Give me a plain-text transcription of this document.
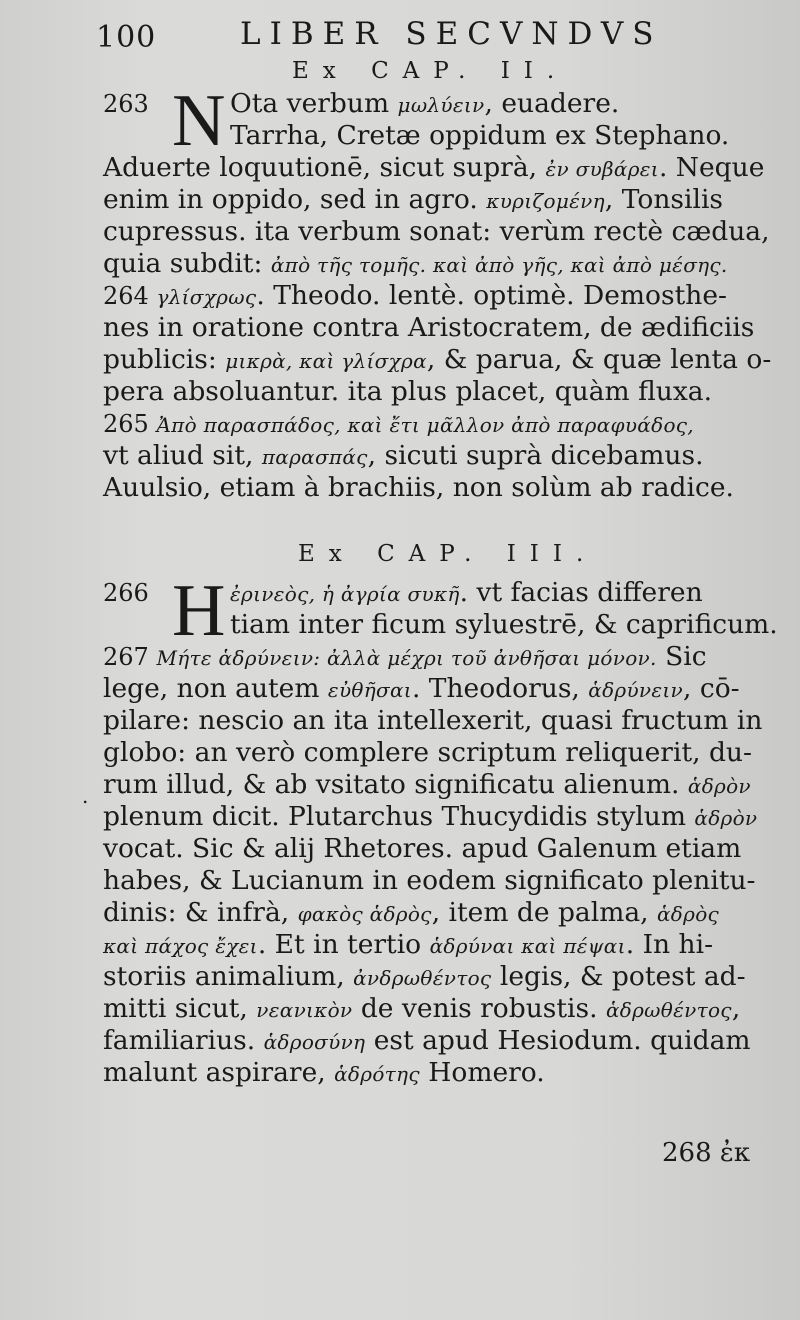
100	LIBER SECVNDVS
Ex CAP. II.
N
Ex CAP. III.
H
263	Ota verbum μωλύειν, euadere.
Tarrha, Cretæ oppidum ex Stephano.
Aduerte loquutionē, sicut suprà, ἐν συβάρει. Neque
enim in oppido, sed in agro. κυριζομένη, Tonsilis
cupressus. ita verbum sonat: verùm rectè cædua,
quia subdit: ἀπὸ τῆς τομῆς. καὶ ἀπὸ γῆς, καὶ ἀπὸ μέσης.
264 γλίσχρως. Theodo. lentè. optimè. Demosthe-
nes in oratione contra Aristocratem, de ædificiis
publicis: μικρὰ, καὶ γλίσχρα, & parua, & quæ lenta o-
pera absoluantur. ita plus placet, quàm fluxa.
265 Ἀπὸ παρασπάδος, καὶ ἔτι μᾶλλον ἀπὸ παραφυάδος,
vt aliud sit, παρασπάς, sicuti suprà dicebamus.
Auulsio, etiam à brachiis, non solùm ab radice.
266	ἐρινεὸς, ἡ ἀγρία συκῆ. vt facias differen
tiam inter ficum syluestrē, & caprificum.
267 Μήτε ἁδρύνειν: ἀλλὰ μέχρι τοῦ ἀνθῆσαι μόνον. Sic
lege, non autem εὐθῆσαι. Theodorus, ἁδρύνειν, cō-
pilare: nescio an ita intellexerit, quasi fructum in
globo: an verò complere scriptum reliquerit, du-
rum illud, & ab vsitato significatu alienum. ἁδρὸν
plenum dicit. Plutarchus Thucydidis stylum ἁδρὸν
vocat. Sic & alij Rhetores. apud Galenum etiam
habes, & Lucianum in eodem significato plenitu-
dinis: & infrà, φακὸς ἁδρὸς, item de palma, ἁδρὸς
καὶ πάχος ἔχει. Et in tertio ἁδρύναι καὶ πέψαι. In hi-
storiis animalium, ἀνδρωθέντος legis, & potest ad-
mitti sicut, νεανικὸν de venis robustis. ἁδρωθέντος,
familiarius. ἁδροσύνη est apud Hesiodum. quidam
malunt aspirare, ἁδρότης Homero.
.
268 ἐκ
